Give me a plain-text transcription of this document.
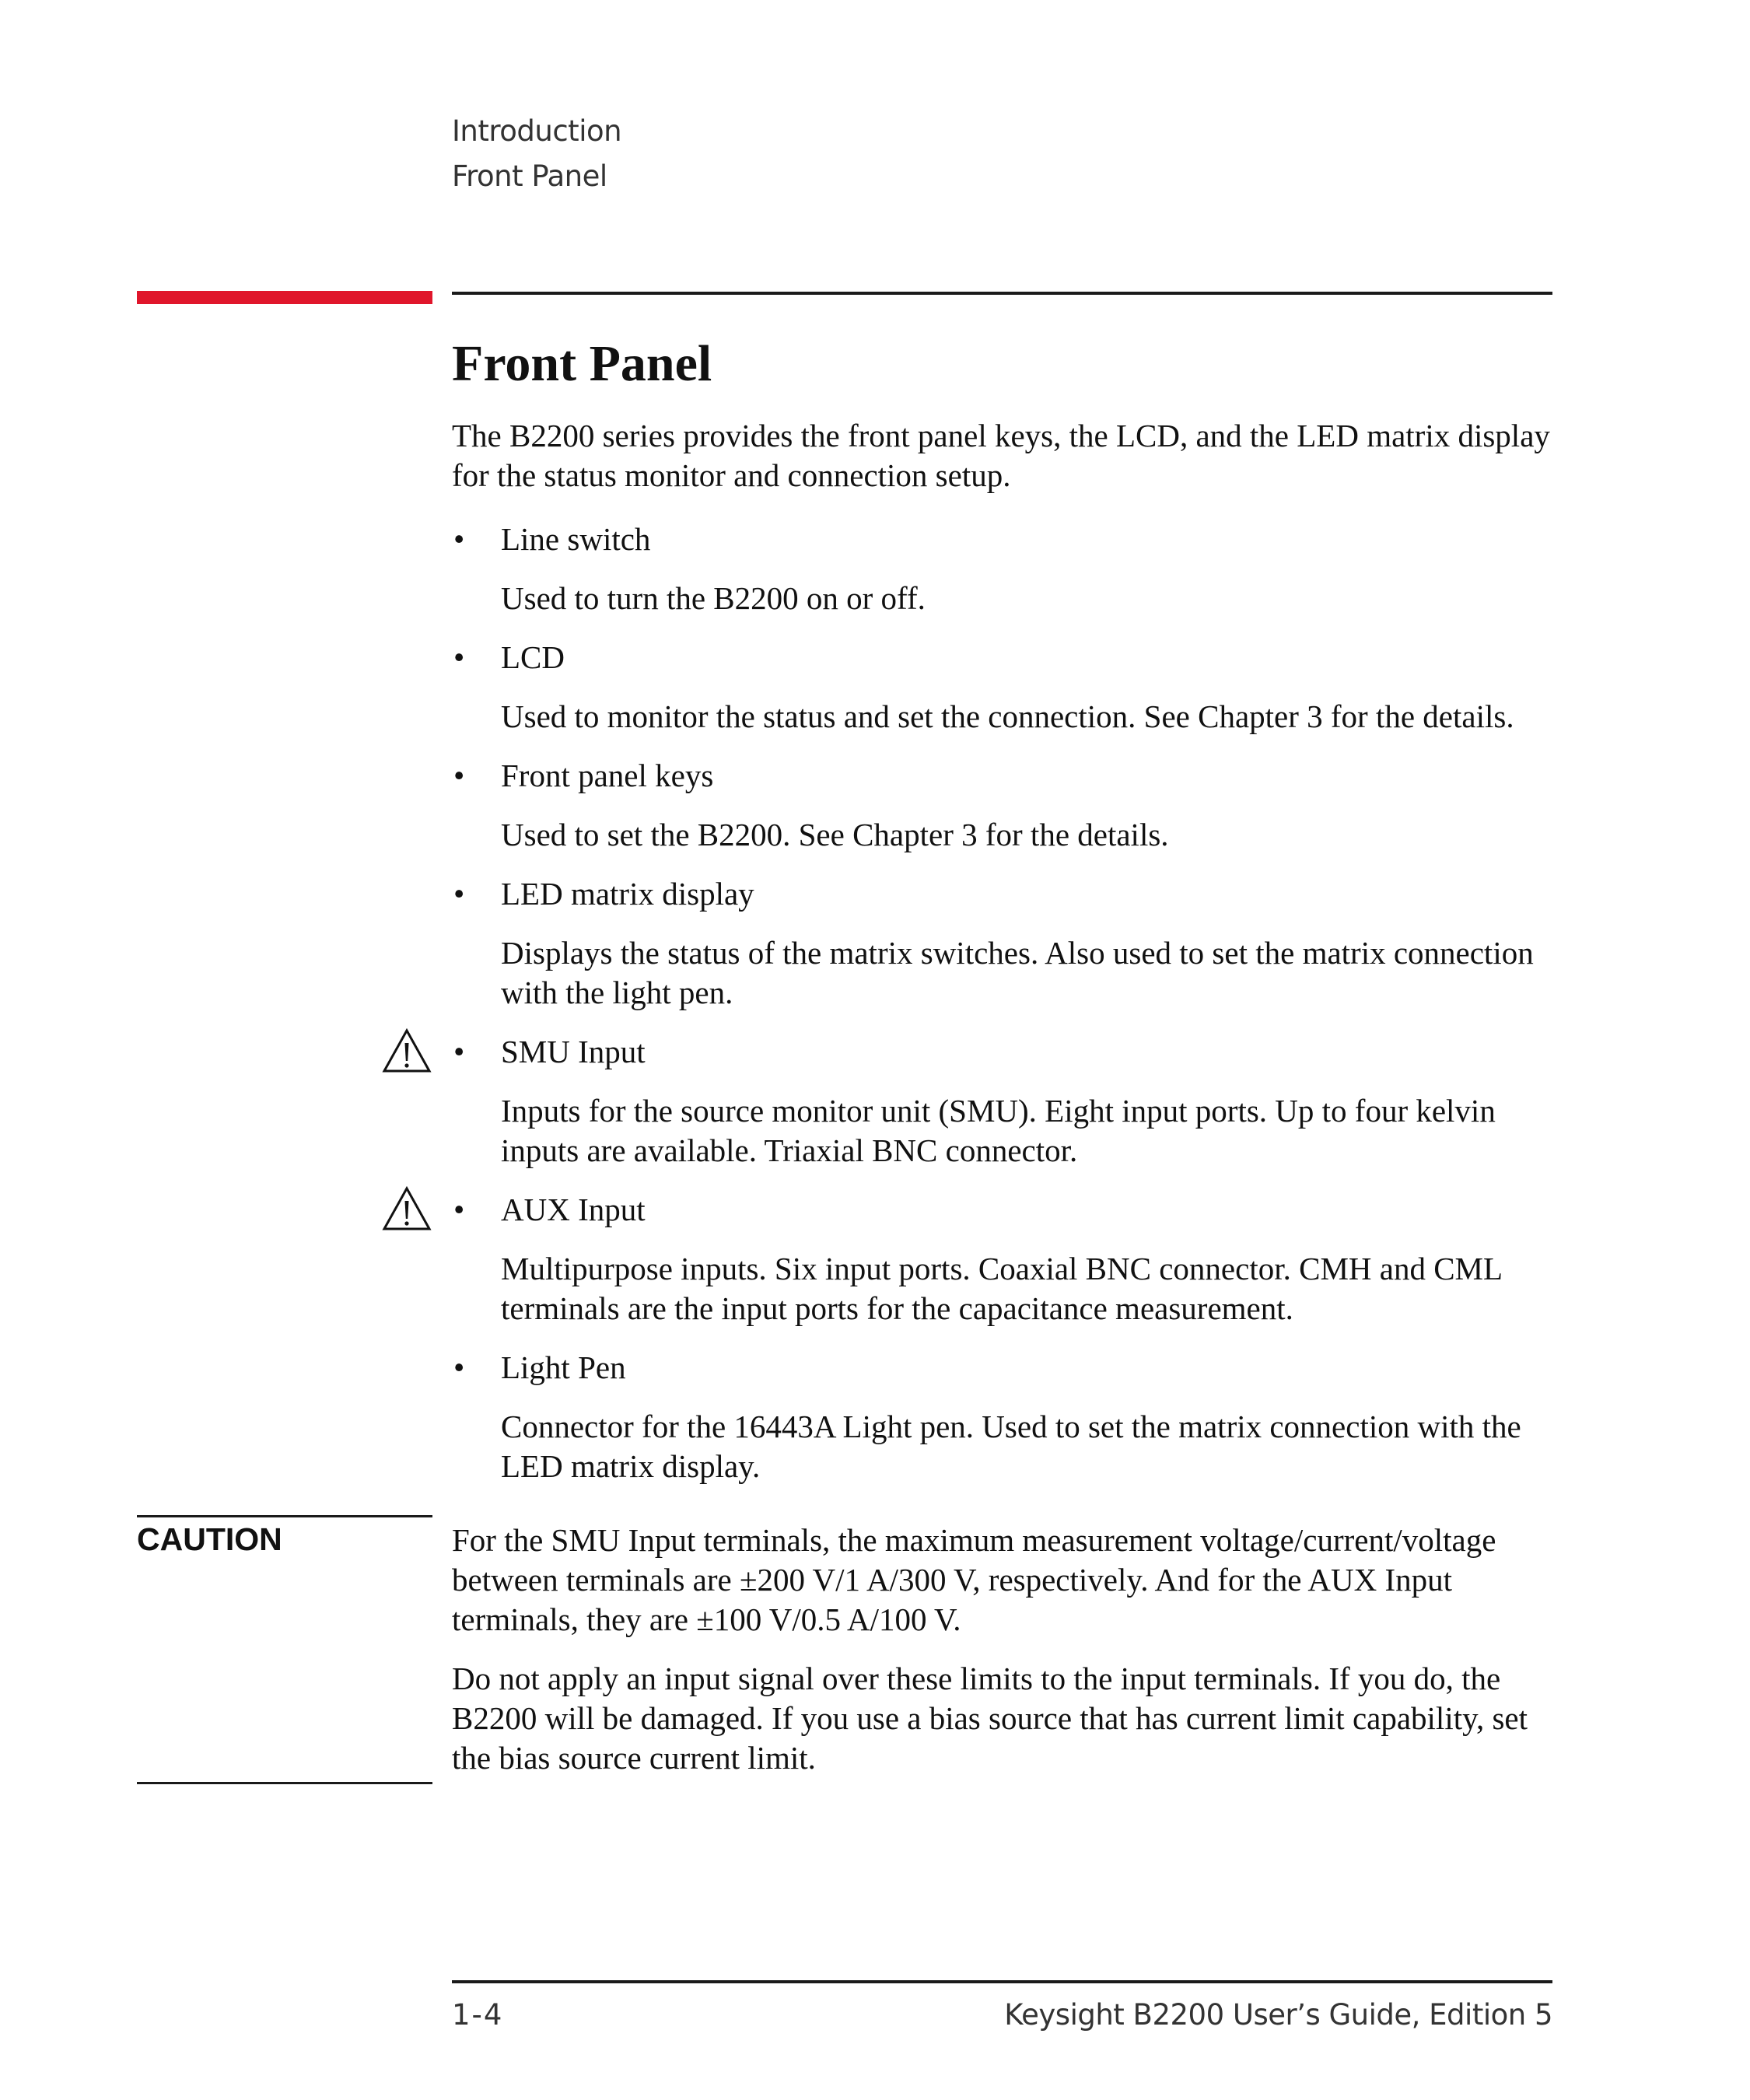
Introduction
Front Panel
Front Panel

The B2200 series provides the front panel keys, the LCD, and the LED matrix display for the status monitor and connection setup.

• Line switch

Used to turn the B2200 on or off.

• LCD

Used to monitor the status and set the connection. See Chapter 3 for the details.

• Front panel keys

Used to set the B2200. See Chapter 3 for the details.

• LED matrix display

Displays the status of the matrix switches. Also used to set the matrix connection with the light pen.

• SMU Input

Inputs for the source monitor unit (SMU). Eight input ports. Up to four kelvin inputs are available. Triaxial BNC connector.

• AUX Input

Multipurpose inputs. Six input ports. Coaxial BNC connector. CMH and CML terminals are the input ports for the capacitance measurement.

• Light Pen

Connector for the 16443A Light pen. Used to set the matrix connection with the LED matrix display.

CAUTION	For the SMU Input terminals, the maximum measurement voltage/current/voltage between terminals are ±200 V/1 A/300 V, respectively. And for the AUX Input terminals, they are ±100 V/0.5 A/100 V.

Do not apply an input signal over these limits to the input terminals. If you do, the B2200 will be damaged. If you use a bias source that has current limit capability, set the bias source current limit.

1-4	Keysight B2200 User’s Guide, Edition 5
